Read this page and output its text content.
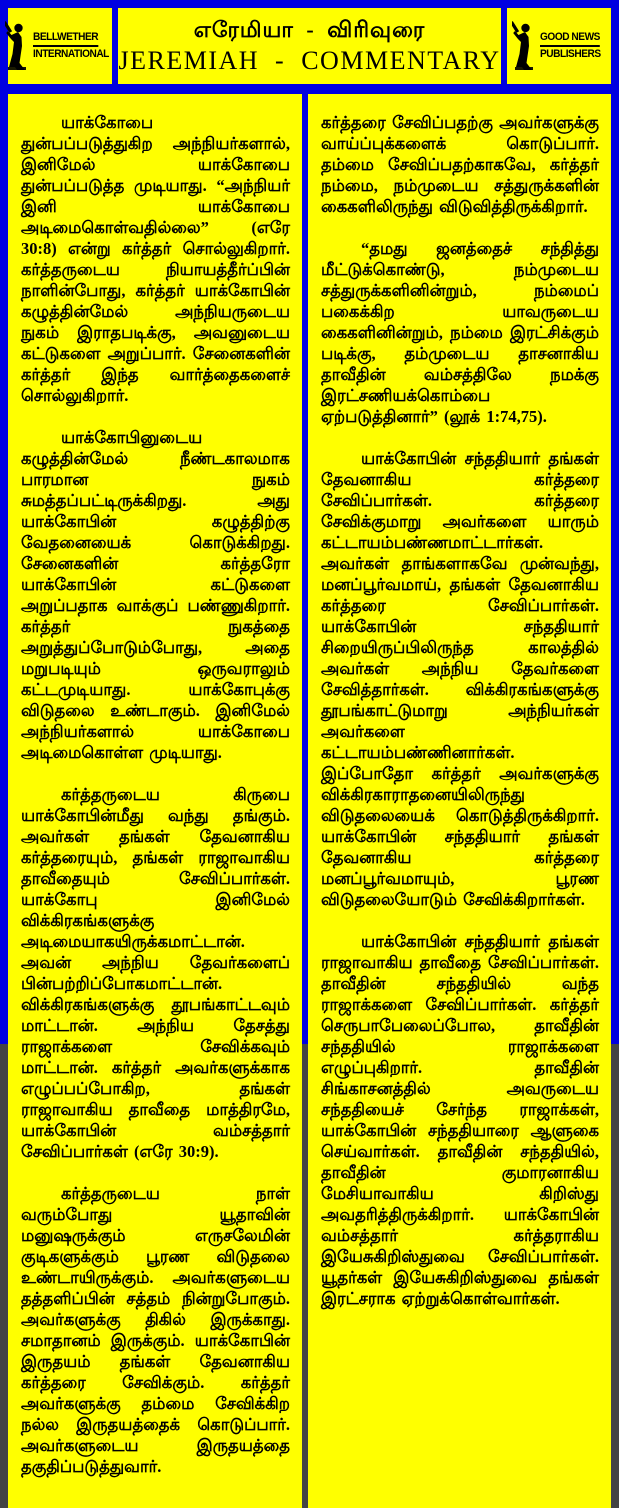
BELLWETHER
INTERNATIONAL
எரேமியா - விரிவுரை
JEREMIAH - COMMENTARY
GOOD NEWS
PUBLISHERS

யாக்கோபை துன்பப்படுத்துகிற அந்நியர்களால், இனிமேல் யாக்கோபை துன்பப்படுத்த முடியாது. “அந்நியர் இனி யாக்கோபை அடிமைகொள்வதில்லை” (எரே 30:8) என்று கர்த்தர் சொல்லுகிறார். கர்த்தருடைய நியாயத்தீர்ப்பின் நாளின்போது, கர்த்தர் யாக்கோபின் கழுத்தின்மேல் அந்நியருடைய நுகம் இராதபடிக்கு, அவனுடைய கட்டுகளை அறுப்பார். சேனைகளின் கர்த்தர் இந்த வார்த்தைகளைச் சொல்லுகிறார்.

யாக்கோபினுடைய கழுத்தின்மேல் நீண்டகாலமாக பாரமான நுகம் சுமத்தப்பட்டிருக்கிறது. அது யாக்கோபின் கழுத்திற்கு வேதனையைக் கொடுக்கிறது. சேனைகளின் கர்த்தரோ யாக்கோபின் கட்டுகளை அறுப்பதாக வாக்குப் பண்ணுகிறார். கர்த்தர் நுகத்தை அறுத்துப்போடும்போது, அதை மறுபடியும் ஒருவராலும் கட்டமுடியாது. யாக்கோபுக்கு விடுதலை உண்டாகும். இனிமேல் அந்நியர்களால் யாக்கோபை அடிமைகொள்ள முடியாது.

கர்த்தருடைய கிருபை யாக்கோபின்மீது வந்து தங்கும். அவர்கள் தங்கள் தேவனாகிய கர்த்தரையும், தங்கள் ராஜாவாகிய தாவீதையும் சேவிப்பார்கள். யாக்கோபு இனிமேல் விக்கிரகங்களுக்கு அடிமையாகயிருக்கமாட்டான். அவன் அந்நிய தேவர்களைப் பின்பற்றிப்போகமாட்டான். விக்கிரகங்களுக்கு தூபங்காட்டவும் மாட்டான். அந்நிய தேசத்து ராஜாக்களை சேவிக்கவும் மாட்டான். கர்த்தர் அவர்களுக்காக எழுப்பப்போகிற, தங்கள் ராஜாவாகிய தாவீதை மாத்திரமே, யாக்கோபின் வம்சத்தார் சேவிப்பார்கள் (எரே 30:9).

கர்த்தருடைய நாள் வரும்போது யூதாவின் மனுஷருக்கும் எருசலேமின் குடிகளுக்கும் பூரண விடுதலை உண்டாயிருக்கும். அவர்களுடைய தத்தளிப்பின் சத்தம் நின்றுபோகும். அவர்களுக்கு திகில் இருக்காது. சமாதானம் இருக்கும். யாக்கோபின் இருதயம் தங்கள் தேவனாகிய கர்த்தரை சேவிக்கும். கர்த்தர் அவர்களுக்கு தம்மை சேவிக்கிற நல்ல இருதயத்தைக் கொடுப்பார். அவர்களுடைய இருதயத்தை தகுதிப்படுத்துவார்.

கர்த்தரை சேவிப்பதற்கு அவர்களுக்கு வாய்ப்புக்களைக் கொடுப்பார். தம்மை சேவிப்பதற்காகவே, கர்த்தர் நம்மை, நம்முடைய சத்துருக்களின் கைகளிலிருந்து விடுவித்திருக்கிறார்.

“தமது ஜனத்தைச் சந்தித்து மீட்டுக்கொண்டு, நம்முடைய சத்துருக்களினின்றும், நம்மைப் பகைக்கிற யாவருடைய கைகளினின்றும், நம்மை இரட்சிக்கும் படிக்கு, தம்முடைய தாசனாகிய தாவீதின் வம்சத்திலே நமக்கு இரட்சணியக்கொம்பை ஏற்படுத்தினார்” (லூக் 1:74,75).

யாக்கோபின் சந்ததியார் தங்கள் தேவனாகிய கர்த்தரை சேவிப்பார்கள். கர்த்தரை சேவிக்குமாறு அவர்களை யாரும் கட்டாயம்பண்ணமாட்டார்கள். அவர்கள் தாங்களாகவே முன்வந்து, மனப்பூர்வமாய், தங்கள் தேவனாகிய கர்த்தரை சேவிப்பார்கள். யாக்கோபின் சந்ததியார் சிறையிருப்பிலிருந்த காலத்தில் அவர்கள் அந்நிய தேவர்களை சேவித்தார்கள். விக்கிரகங்களுக்கு தூபங்காட்டுமாறு அந்நியர்கள் அவர்களை கட்டாயம்பண்ணினார்கள். இப்போதோ கர்த்தர் அவர்களுக்கு விக்கிரகாராதனையிலிருந்து விடுதலையைக் கொடுத்திருக்கிறார். யாக்கோபின் சந்ததியார் தங்கள் தேவனாகிய கர்த்தரை மனப்பூர்வமாயும், பூரண விடுதலையோடும் சேவிக்கிறார்கள்.

யாக்கோபின் சந்ததியார் தங்கள் ராஜாவாகிய தாவீதை சேவிப்பார்கள். தாவீதின் சந்ததியில் வந்த ராஜாக்களை சேவிப்பார்கள். கர்த்தர் செருபாபேலைப்போல, தாவீதின் சந்ததியில் ராஜாக்களை எழுப்புகிறார். தாவீதின் சிங்காசனத்தில் அவருடைய சந்ததியைச் சேர்ந்த ராஜாக்கள், யாக்கோபின் சந்ததியாரை ஆளுகை செய்வார்கள். தாவீதின் சந்ததியில், தாவீதின் குமாரனாகிய மேசியாவாகிய கிறிஸ்து அவதரித்திருக்கிறார். யாக்கோபின் வம்சத்தார் கர்த்தராகிய இயேசுகிறிஸ்துவை சேவிப்பார்கள். யூதர்கள் இயேசுகிறிஸ்துவை தங்கள் இரட்சராக ஏற்றுக்கொள்வார்கள்.
